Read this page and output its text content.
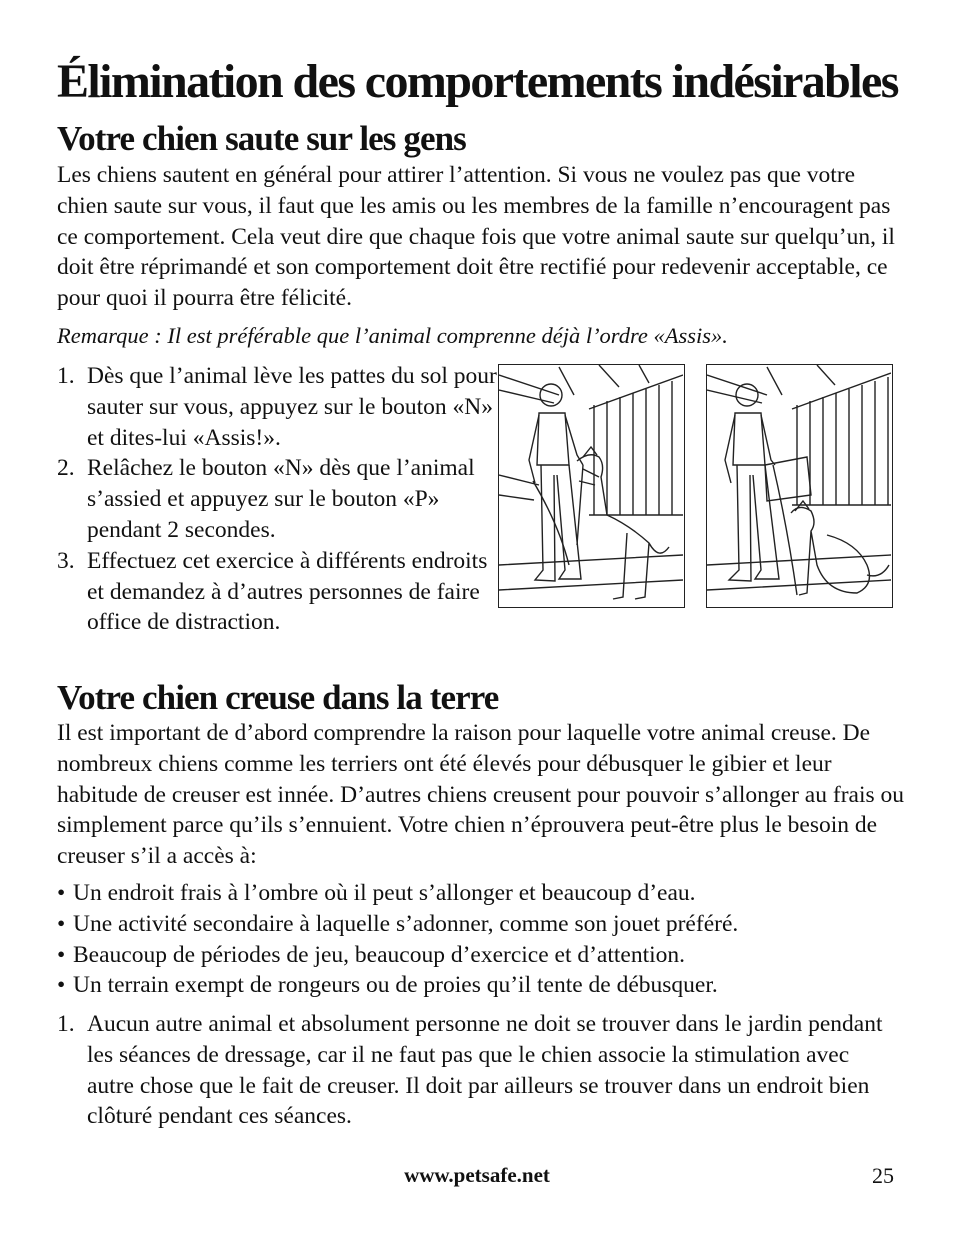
Élimination des comportements indésirables
Votre chien saute sur les gens

Les chiens sautent en général pour attirer l’attention. Si vous ne voulez pas que votre chien saute sur vous, il faut que les amis ou les membres de la famille n’encouragent pas ce comportement. Cela veut dire que chaque fois que votre animal saute sur quelqu’un, il doit être réprimandé et son comportement doit être rectifié pour redevenir acceptable, ce pour quoi il pourra être félicité.

Remarque : Il est préférable que l’animal comprenne déjà l’ordre «Assis».

1. Dès que l’animal lève les pattes du sol pour sauter sur vous, appuyez sur le bouton «N» et dites-lui «Assis!».
2. Relâchez le bouton «N» dès que l’animal s’assied et appuyez sur le bouton «P» pendant 2 secondes.
3. Effectuez cet exercice à différents endroits et demandez à d’autres personnes de faire office de distraction.
Votre chien creuse dans la terre

Il est important de d’abord comprendre la raison pour laquelle votre animal creuse. De nombreux chiens comme les terriers ont été élevés pour débusquer le gibier et leur habitude de creuser est innée. D’autres chiens creusent pour pouvoir s’allonger au frais ou simplement parce qu’ils s’ennuient. Votre chien n’éprouvera peut-être plus le besoin de creuser s’il a accès à:

• Un endroit frais à l’ombre où il peut s’allonger et beaucoup d’eau.
• Une activité secondaire à laquelle s’adonner, comme son jouet préféré.
• Beaucoup de périodes de jeu, beaucoup d’exercice et d’attention.
• Un terrain exempt de rongeurs ou de proies qu’il tente de débusquer.
1. Aucun autre animal et absolument personne ne doit se trouver dans le jardin pendant les séances de dressage, car il ne faut pas que le chien associe la stimulation avec autre chose que le fait de creuser. Il doit par ailleurs se trouver dans un endroit bien clôturé pendant ces séances.
www.petsafe.net	25
